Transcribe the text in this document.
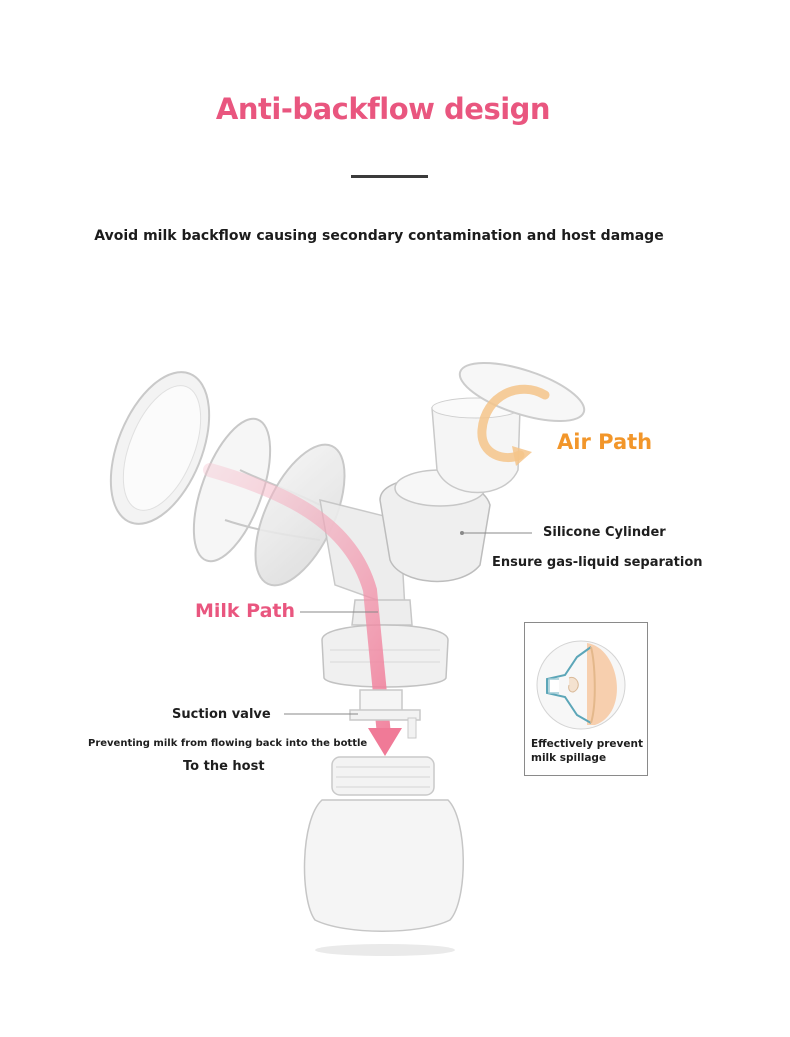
Anti-backflow design
Avoid milk backflow causing secondary contamination and host damage
Air Path
Silicone Cylinder
Ensure gas-liquid separation
Milk Path
Suction valve
Preventing milk from flowing back into the bottle
To the host
Effectively prevent
milk spillage
